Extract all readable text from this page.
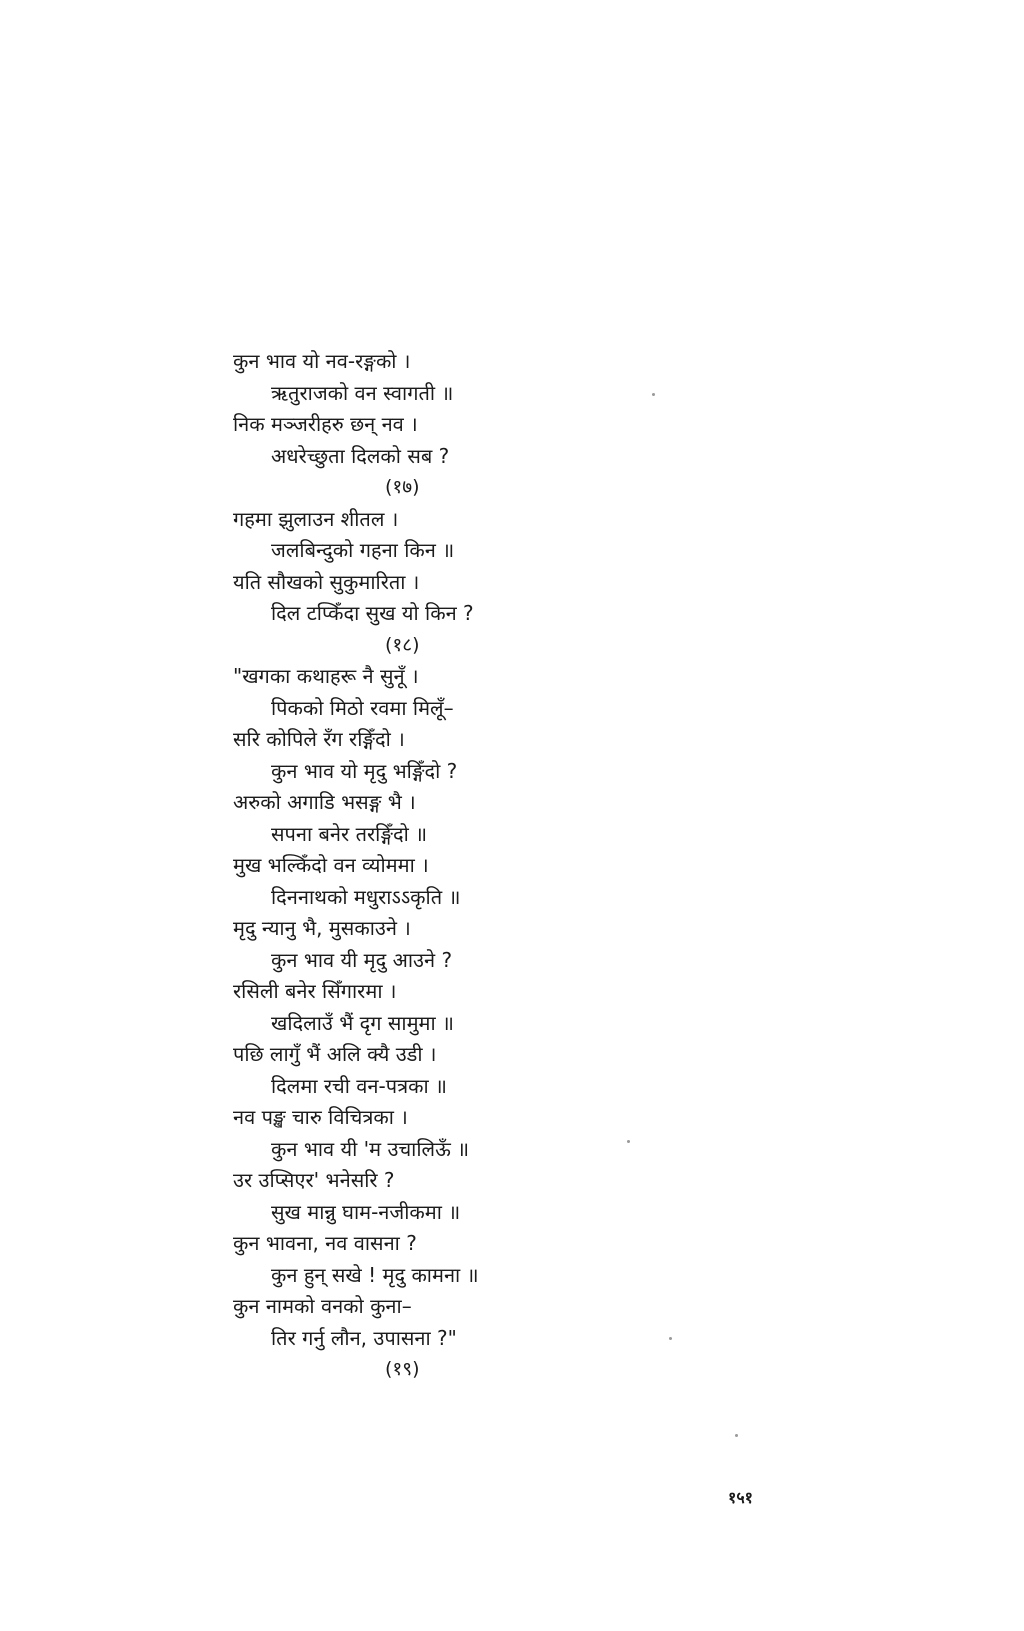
कुन भाव यो नव-रङ्गको ।
ऋतुराजको वन स्वागती ॥
निक मञ्जरीहरु छन् नव ।
अधरेच्छुता दिलको सब ?
(१७)
गहमा झुलाउन शीतल ।
जलबिन्दुको गहना किन ॥
यति सौखको सुकुमारिता ।
दिल टप्किँदा सुख यो किन ?
(१८)
"खगका कथाहरू नै सुनूँ ।
पिकको मिठो रवमा मिलूँ–
सरि कोपिले रँग रङ्गिँदो ।
कुन भाव यो मृदु भङ्गिँदो ?
अरुको अगाडि भसङ्ग भै ।
सपना बनेर तरङ्गिँदो ॥
मुख भल्किँदो वन व्योममा ।
दिननाथको मधुराऽऽकृति ॥
मृदु न्यानु भै, मुसकाउने ।
कुन भाव यी मृदु आउने ?
रसिली बनेर सिँगारमा ।
खदिलाउँ भैं दृग सामुमा ॥
पछि लागुँ भैं अलि क्यै उडी ।
दिलमा रची वन-पत्रका ॥
नव पङ्ख चारु विचित्रका ।
कुन भाव यी 'म उचालिऊँ ॥
उर उप्सिएर' भनेसरि ?
सुख मान्नु घाम-नजीकमा ॥
कुन भावना, नव वासना ?
कुन हुन् सखे ! मृदु कामना ॥
कुन नामको वनको कुना–
तिर गर्नु लौन, उपासना ?"
(१९)
१५१
